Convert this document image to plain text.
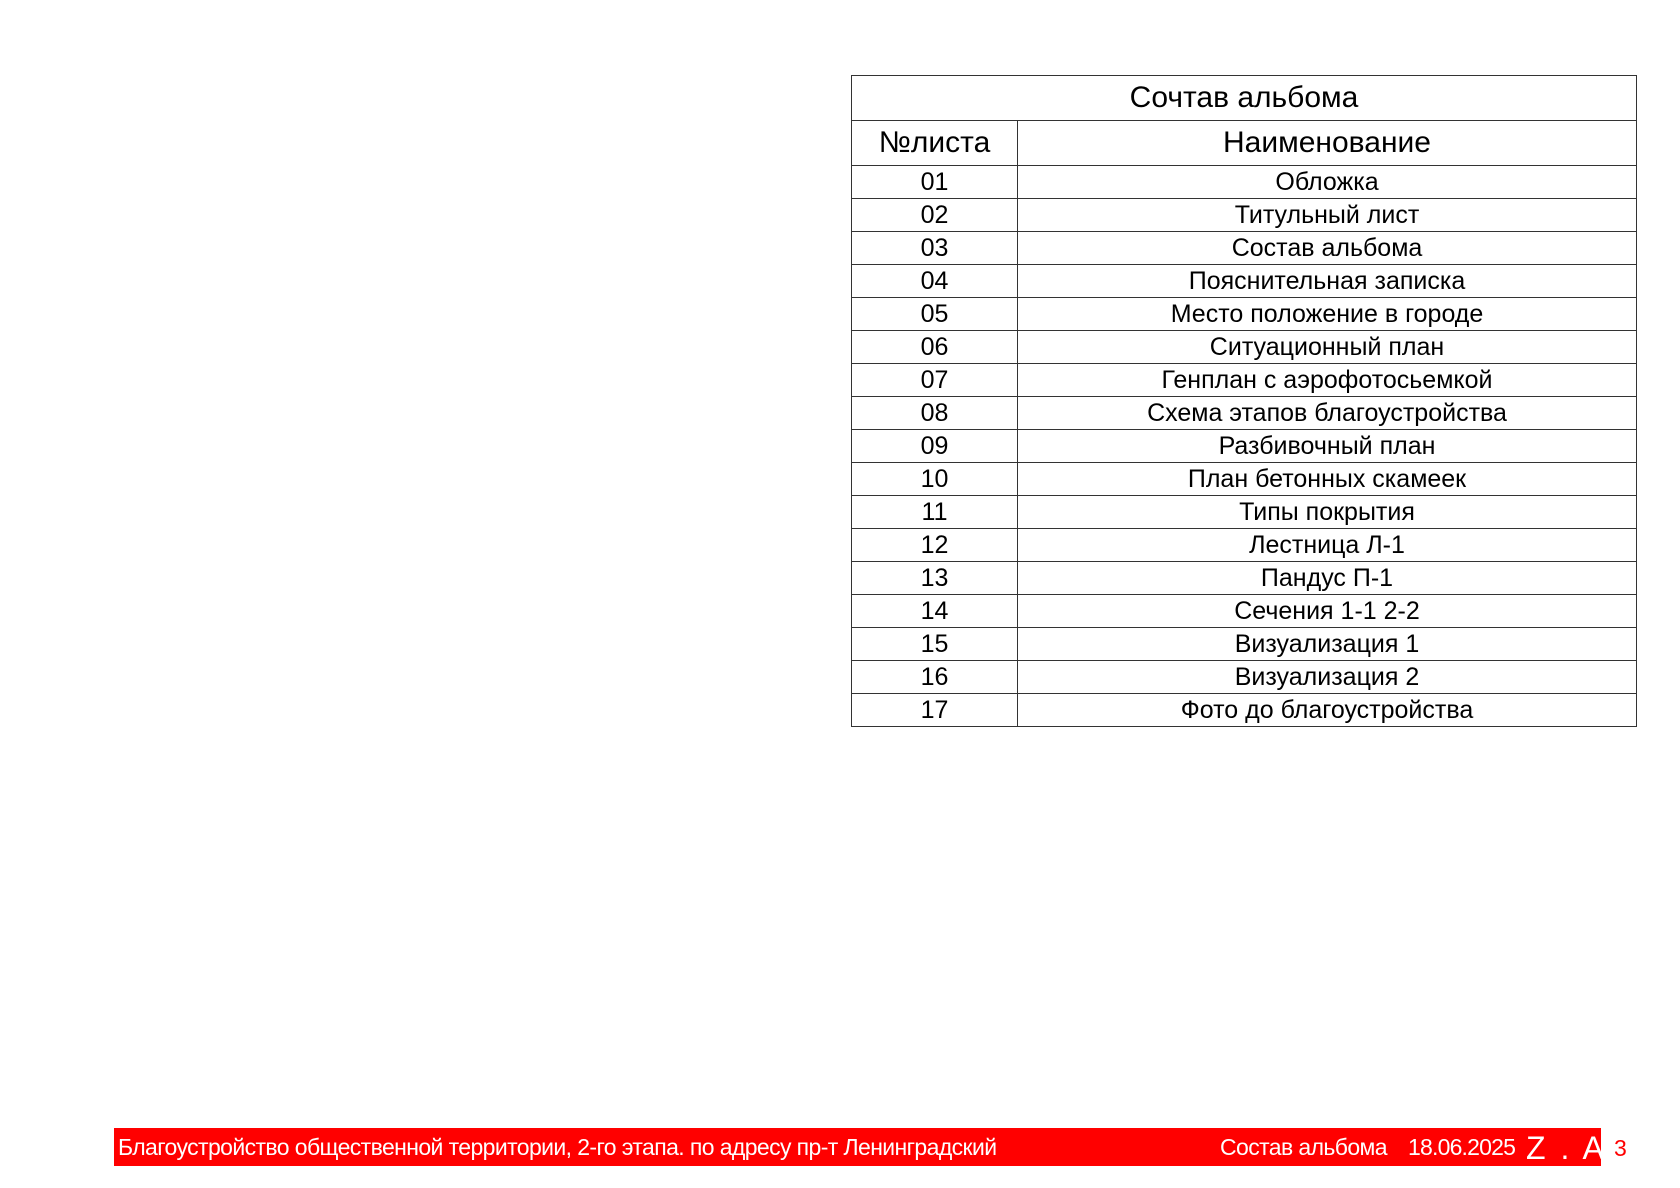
Сочтав альбома	
№листа	Наименование
01	Обложка
02	Титульный лист
03	Состав альбома
04	Пояснительная записка
05	Место положение в городе
06	Ситуационный план
07	Генплан с аэрофотосьемкой
08	Схема этапов благоустройства
09	Разбивочный план
10	План бетонных скамеек
11	Типы покрытия
12	Лестница Л-1
13	Пандус П-1
14	Сечения 1-1 2-2
15	Визуализация 1
16	Визуализация 2
17	Фото до благоустройства
Благоустройство общественной территории, 2-го этапа. по адресу пр-т Ленинградский	Состав альбома 18.06.2025 Z . A 3
